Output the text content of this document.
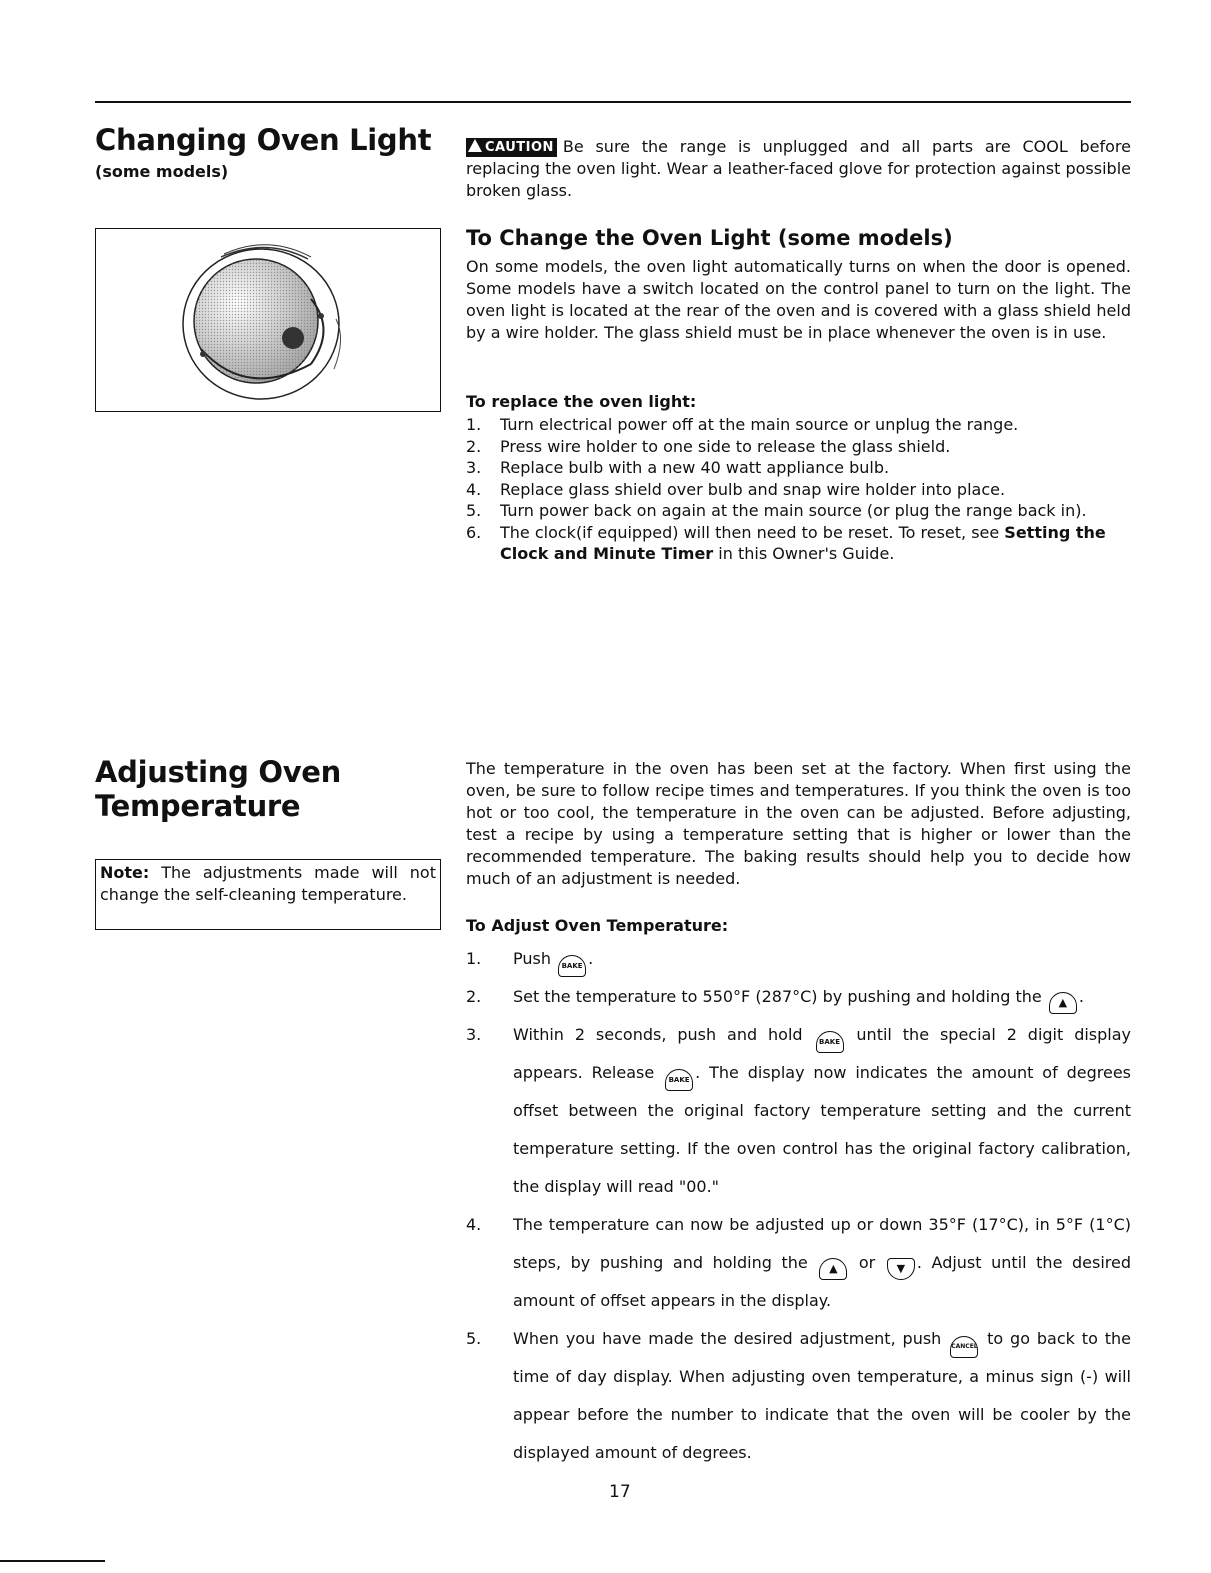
Changing Oven Light
(some models)

CAUTION Be sure the range is unplugged and all parts are COOL before replacing the oven light. Wear a leather-faced glove for protection against possible broken glass.

To Change the Oven Light (some models)

On some models, the oven light automatically turns on when the door is opened. Some models have a switch located on the control panel to turn on the light. The oven light is located at the rear of the oven and is covered with a glass shield held by a wire holder. The glass shield must be in place whenever the oven is in use.

To replace the oven light:
1. Turn electrical power off at the main source or unplug the range.
2. Press wire holder to one side to release the glass shield.
3. Replace bulb with a new 40 watt appliance bulb.
4. Replace glass shield over bulb and snap wire holder into place.
5. Turn power back on again at the main source (or plug the range back in).
6. The clock(if equipped) will then need to be reset. To reset, see Setting the Clock and Minute Timer in this Owner's Guide.
Adjusting Oven
Temperature
Note: The adjustments made will not change the self-cleaning temperature.

The temperature in the oven has been set at the factory. When first using the oven, be sure to follow recipe times and temperatures. If you think the oven is too hot or too cool, the temperature in the oven can be adjusted. Before adjusting, test a recipe by using a temperature setting that is higher or lower than the recommended temperature. The baking results should help you to decide how much of an adjustment is needed.

To Adjust Oven Temperature:
1. Push BAKE .
2. Set the temperature to 550°F (287°C) by pushing and holding the ▲ .
3. Within 2 seconds, push and hold BAKE until the special 2 digit display appears. Release BAKE . The display now indicates the amount of degrees offset between the original factory temperature setting and the current temperature setting. If the oven control has the original factory calibration, the display will read "00."
4. The temperature can now be adjusted up or down 35°F (17°C), in 5°F (1°C) steps, by pushing and holding the ▲ or ▼ . Adjust until the desired amount of offset appears in the display.
5. When you have made the desired adjustment, push CANCEL to go back to the time of day display. When adjusting oven temperature, a minus sign (-) will appear before the number to indicate that the oven will be cooler by the displayed amount of degrees.
17
